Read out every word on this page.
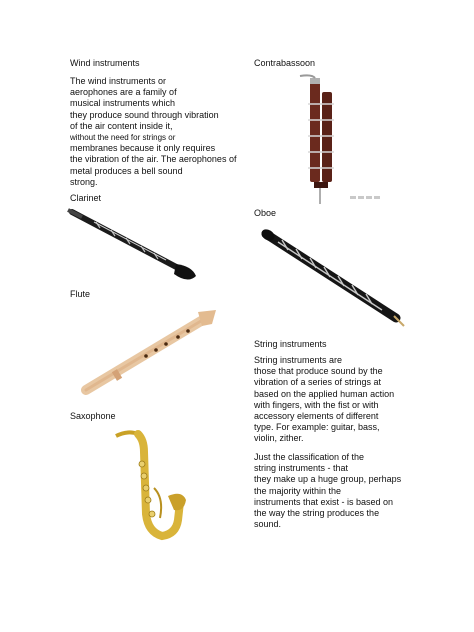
Wind instruments
The wind instruments or
aerophones are a family of
musical instruments which
they produce sound through vibration
of the air content inside it,
without the need for strings or
membranes because it only requires
the vibration of the air. The aerophones of
metal produces a bell sound
strong.
Clarinet
Flute
Saxophone
Contrabassoon
Oboe
String instruments
String instruments are
those that produce sound by the
vibration of a series of strings at
based on the applied human action
with fingers, with the fist or with
accessory elements of different
type. For example: guitar, bass,
violin, zither.
Just the classification of the
string instruments - that
they make up a huge group, perhaps
the majority within the
instruments that exist - is based on
the way the string produces the
sound.
